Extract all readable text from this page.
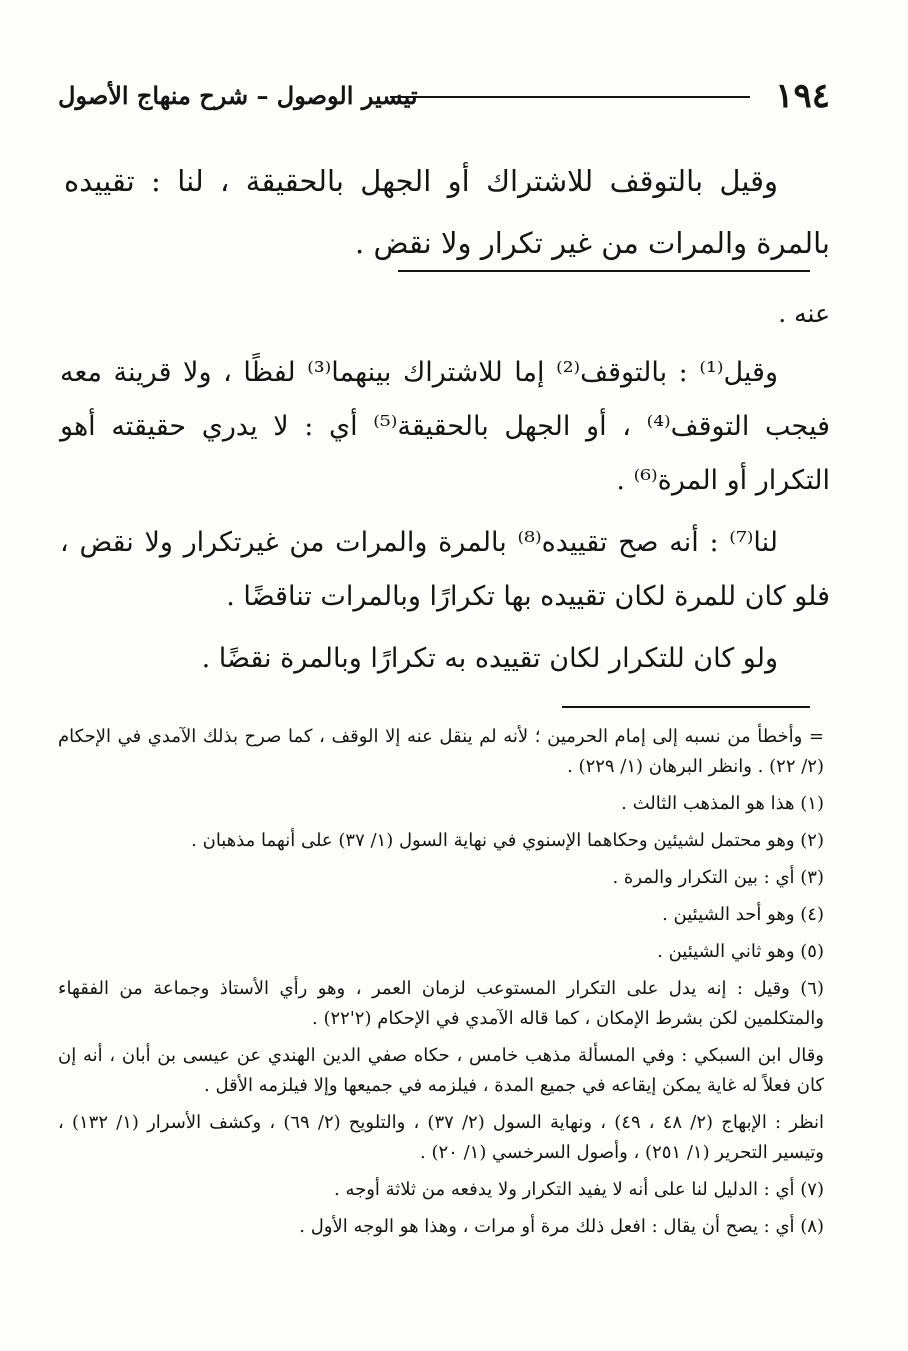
١٩٤
تيسير الوصول – شرح منهاج الأصول

وقيل بالتوقف للاشتراك أو الجهل بالحقيقة ، لنا : تقييده بالمرة والمرات من غير تكرار ولا نقض .

عنه .

وقيل⁽¹⁾ : بالتوقف⁽²⁾ إما للاشتراك بينهما⁽³⁾ لفظًا ، ولا قرينة معه فيجب التوقف⁽⁴⁾ ، أو الجهل بالحقيقة⁽⁵⁾ أي : لا يدري حقيقته أهو التكرار أو المرة⁽⁶⁾ .

لنا⁽⁷⁾ : أنه صح تقييده⁽⁸⁾ بالمرة والمرات من غيرتكرار ولا نقض ، فلو كان للمرة لكان تقييده بها تكرارًا وبالمرات تناقضًا .

ولو كان للتكرار لكان تقييده به تكرارًا وبالمرة نقضًا .

= وأخطأ من نسبه إلى إمام الحرمين ؛ لأنه لم ينقل عنه إلا الوقف ، كما صرح بذلك الآمدي في الإحكام (٢/ ٢٢) . وانظر البرهان (١/ ٢٢٩) .

(١) هذا هو المذهب الثالث .

(٢) وهو محتمل لشيئين وحكاهما الإسنوي في نهاية السول (١/ ٣٧) على أنهما مذهبان .

(٣) أي : بين التكرار والمرة .

(٤) وهو أحد الشيئين .

(٥) وهو ثاني الشيئين .

(٦) وقيل : إنه يدل على التكرار المستوعب لزمان العمر ، وهو رأي الأستاذ وجماعة من الفقهاء والمتكلمين لكن بشرط الإمكان ، كما قاله الآمدي في الإحكام (٢'٢٢) .

وقال ابن السبكي : وفي المسألة مذهب خامس ، حكاه صفي الدين الهندي عن عيسى بن أبان ، أنه إن كان فعلاً له غاية يمكن إيقاعه في جميع المدة ، فيلزمه في جميعها وإلا فيلزمه الأقل .

انظر : الإبهاج (٢/ ٤٨ ، ٤٩) ، ونهاية السول (٢/ ٣٧) ، والتلويح (٢/ ٦٩) ، وكشف الأسرار (١/ ١٣٢) ، وتيسير التحرير (١/ ٢٥١) ، وأصول السرخسي (١/ ٢٠) .

(٧) أي : الدليل لنا على أنه لا يفيد التكرار ولا يدفعه من ثلاثة أوجه .

(٨) أي : يصح أن يقال : افعل ذلك مرة أو مرات ، وهذا هو الوجه الأول .
